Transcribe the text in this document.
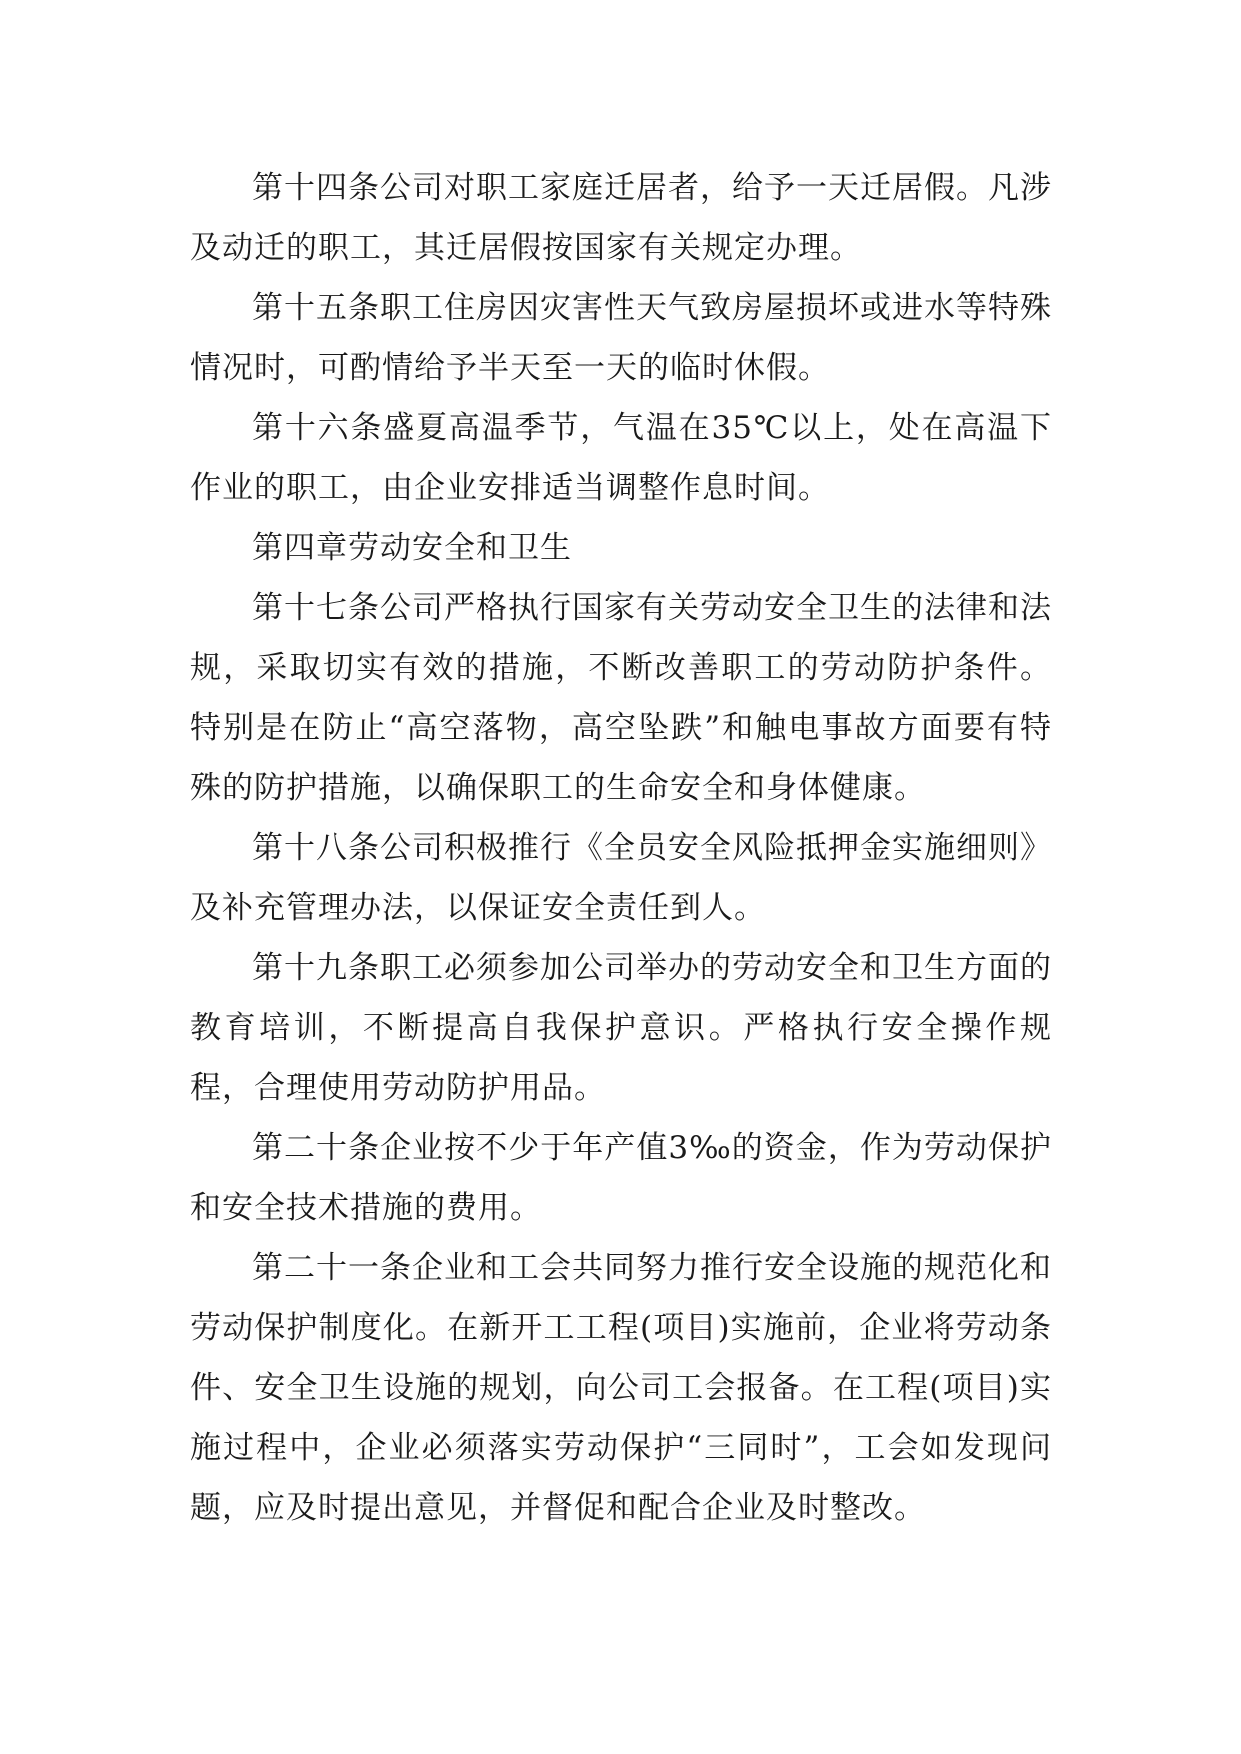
第十四条公司对职工家庭迁居者，给予一天迁居假。凡涉及动迁的职工，其迁居假按国家有关规定办理。

第十五条职工住房因灾害性天气致房屋损坏或进水等特殊情况时，可酌情给予半天至一天的临时休假。

第十六条盛夏高温季节，气温在35℃以上，处在高温下作业的职工，由企业安排适当调整作息时间。

第四章劳动安全和卫生

第十七条公司严格执行国家有关劳动安全卫生的法律和法规，采取切实有效的措施，不断改善职工的劳动防护条件。特别是在防止“高空落物，高空坠跌”和触电事故方面要有特殊的防护措施，以确保职工的生命安全和身体健康。

第十八条公司积极推行《全员安全风险抵押金实施细则》及补充管理办法，以保证安全责任到人。

第十九条职工必须参加公司举办的劳动安全和卫生方面的教育培训，不断提高自我保护意识。严格执行安全操作规程，合理使用劳动防护用品。

第二十条企业按不少于年产值3‰的资金，作为劳动保护和安全技术措施的费用。

第二十一条企业和工会共同努力推行安全设施的规范化和劳动保护制度化。在新开工工程(项目)实施前，企业将劳动条件、安全卫生设施的规划，向公司工会报备。在工程(项目)实施过程中，企业必须落实劳动保护“三同时”，工会如发现问题，应及时提出意见，并督促和配合企业及时整改。
